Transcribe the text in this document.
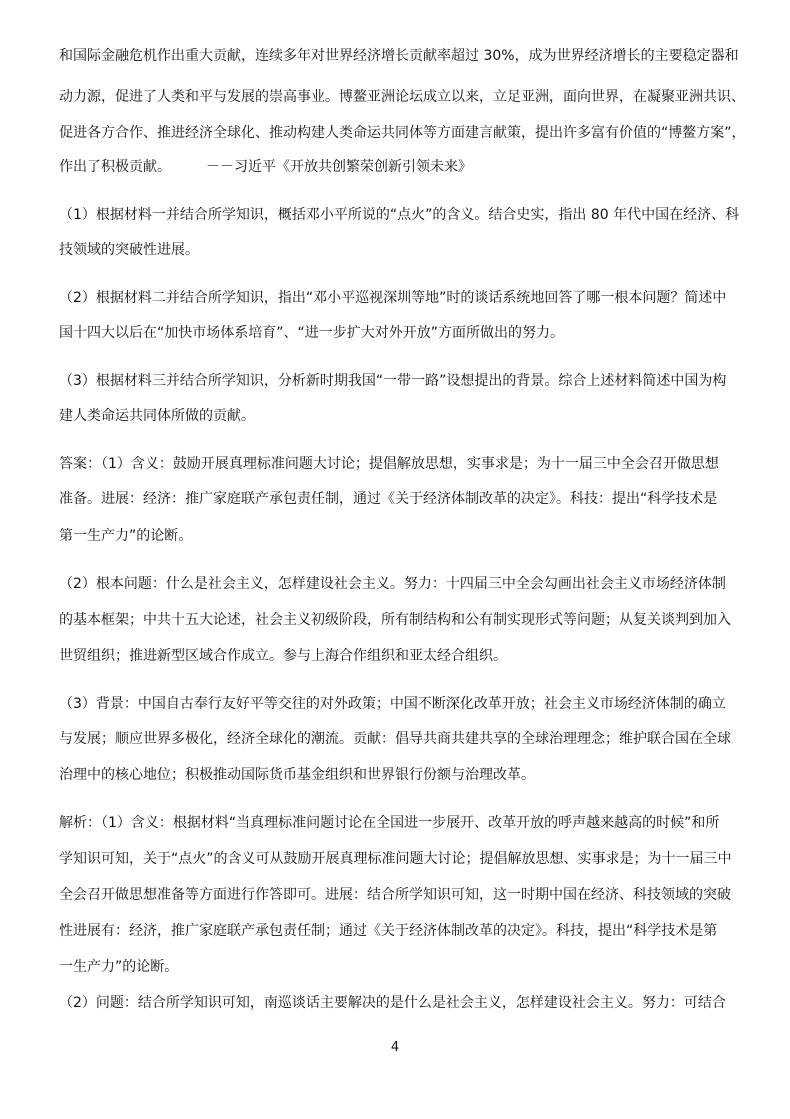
和国际金融危机作出重大贡献，连续多年对世界经济增长贡献率超过 30%，成为世界经济增长的主要稳定器和
动力源，促进了人类和平与发展的崇高事业。博鳌亚洲论坛成立以来，立足亚洲，面向世界，在凝聚亚洲共识、
促进各方合作、推进经济全球化、推动构建人类命运共同体等方面建言献策，提出许多富有价值的“博鳌方案”，
作出了积极贡献。　　　－－习近平《开放共创繁荣创新引领未来》
（1）根据材料一并结合所学知识，概括邓小平所说的“点火”的含义。结合史实，指出 80 年代中国在经济、科
技领域的突破性进展。
（2）根据材料二并结合所学知识，指出“邓小平巡视深圳等地”时的谈话系统地回答了哪一根本问题？简述中
国十四大以后在“加快市场体系培育”、“进一步扩大对外开放”方面所做出的努力。
（3）根据材料三并结合所学知识，分析新时期我国“一带一路”设想提出的背景。综合上述材料简述中国为构
建人类命运共同体所做的贡献。
答案：（1）含义：鼓励开展真理标准问题大讨论；提倡解放思想，实事求是；为十一届三中全会召开做思想
准备。进展：经济：推广家庭联产承包责任制，通过《关于经济体制改革的决定》。科技：提出“科学技术是
第一生产力”的论断。
（2）根本问题：什么是社会主义，怎样建设社会主义。努力：十四届三中全会勾画出社会主义市场经济体制
的基本框架；中共十五大论述，社会主义初级阶段，所有制结构和公有制实现形式等问题；从复关谈判到加入
世贸组织；推进新型区域合作成立。参与上海合作组织和亚太经合组织。
（3）背景：中国自古奉行友好平等交往的对外政策；中国不断深化改革开放；社会主义市场经济体制的确立
与发展；顺应世界多极化，经济全球化的潮流。贡献：倡导共商共建共享的全球治理理念；维护联合国在全球
治理中的核心地位；积极推动国际货币基金组织和世界银行份额与治理改革。
解析：（1）含义：根据材料“当真理标准问题讨论在全国进一步展开、改革开放的呼声越来越高的时候”和所
学知识可知，关于“点火”的含义可从鼓励开展真理标准问题大讨论；提倡解放思想、实事求是；为十一届三中
全会召开做思想准备等方面进行作答即可。进展：结合所学知识可知，这一时期中国在经济、科技领域的突破
性进展有：经济，推广家庭联产承包责任制；通过《关于经济体制改革的决定》。科技，提出“科学技术是第
一生产力”的论断。
（2）问题：结合所学知识可知，南巡谈话主要解决的是什么是社会主义，怎样建设社会主义。努力：可结合
4
